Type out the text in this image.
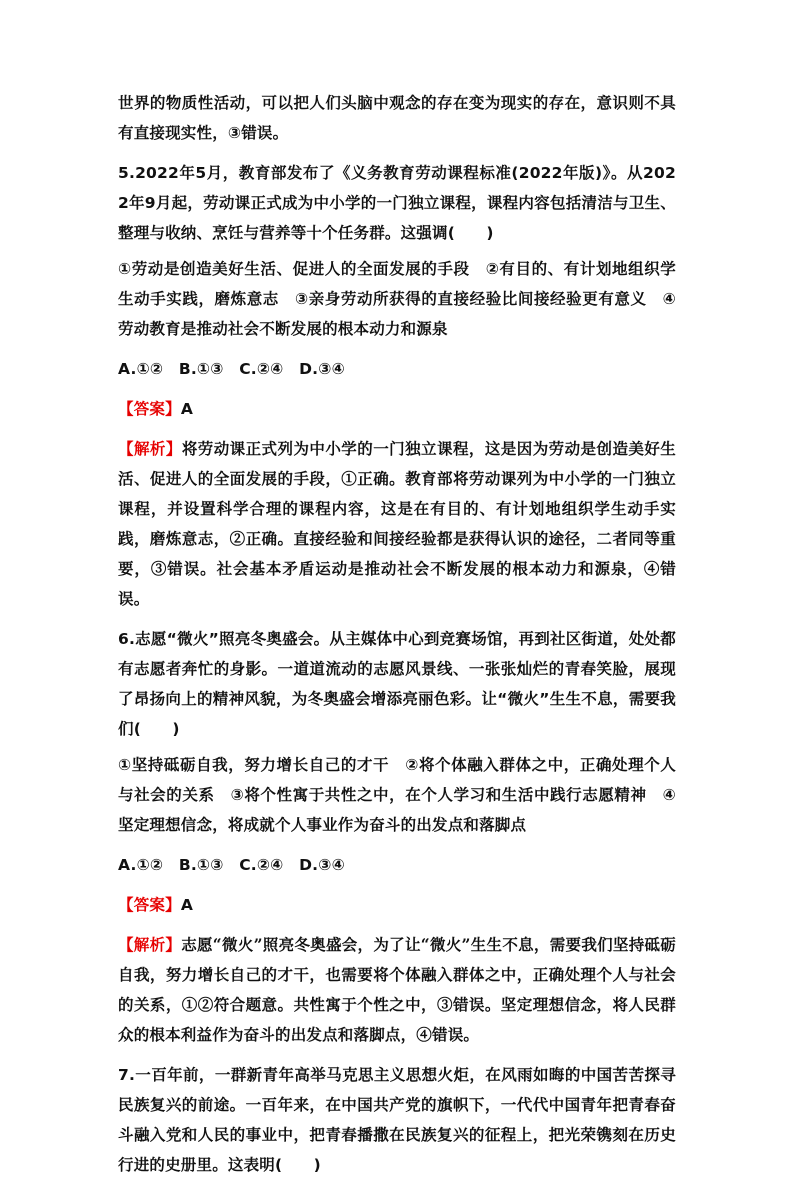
世界的物质性活动，可以把人们头脑中观念的存在变为现实的存在，意识则不具有直接现实性，③错误。

5.2022年5月，教育部发布了《义务教育劳动课程标准(2022年版)》。从2022年9月起，劳动课正式成为中小学的一门独立课程，课程内容包括清洁与卫生、整理与收纳、烹饪与营养等十个任务群。这强调(　　)

①劳动是创造美好生活、促进人的全面发展的手段　②有目的、有计划地组织学生动手实践，磨炼意志　③亲身劳动所获得的直接经验比间接经验更有意义　④劳动教育是推动社会不断发展的根本动力和源泉

A.①② B.①③ C.②④ D.③④

【答案】A

【解析】将劳动课正式列为中小学的一门独立课程，这是因为劳动是创造美好生活、促进人的全面发展的手段，①正确。教育部将劳动课列为中小学的一门独立课程，并设置科学合理的课程内容，这是在有目的、有计划地组织学生动手实践，磨炼意志，②正确。直接经验和间接经验都是获得认识的途径，二者同等重要，③错误。社会基本矛盾运动是推动社会不断发展的根本动力和源泉，④错误。

6.志愿“微火”照亮冬奥盛会。从主媒体中心到竞赛场馆，再到社区街道，处处都有志愿者奔忙的身影。一道道流动的志愿风景线、一张张灿烂的青春笑脸，展现了昂扬向上的精神风貌，为冬奥盛会增添亮丽色彩。让“微火”生生不息，需要我们(　　)

①坚持砥砺自我，努力增长自己的才干　②将个体融入群体之中，正确处理个人与社会的关系　③将个性寓于共性之中，在个人学习和生活中践行志愿精神　④坚定理想信念，将成就个人事业作为奋斗的出发点和落脚点

A.①② B.①③ C.②④ D.③④

【答案】A

【解析】志愿“微火”照亮冬奥盛会，为了让“微火”生生不息，需要我们坚持砥砺自我，努力增长自己的才干，也需要将个体融入群体之中，正确处理个人与社会的关系，①②符合题意。共性寓于个性之中，③错误。坚定理想信念，将人民群众的根本利益作为奋斗的出发点和落脚点，④错误。

7.一百年前，一群新青年高举马克思主义思想火炬，在风雨如晦的中国苦苦探寻民族复兴的前途。一百年来，在中国共产党的旗帜下，一代代中国青年把青春奋斗融入党和人民的事业中，把青春播撒在民族复兴的征程上，把光荣镌刻在历史行进的史册里。这表明(　　)
